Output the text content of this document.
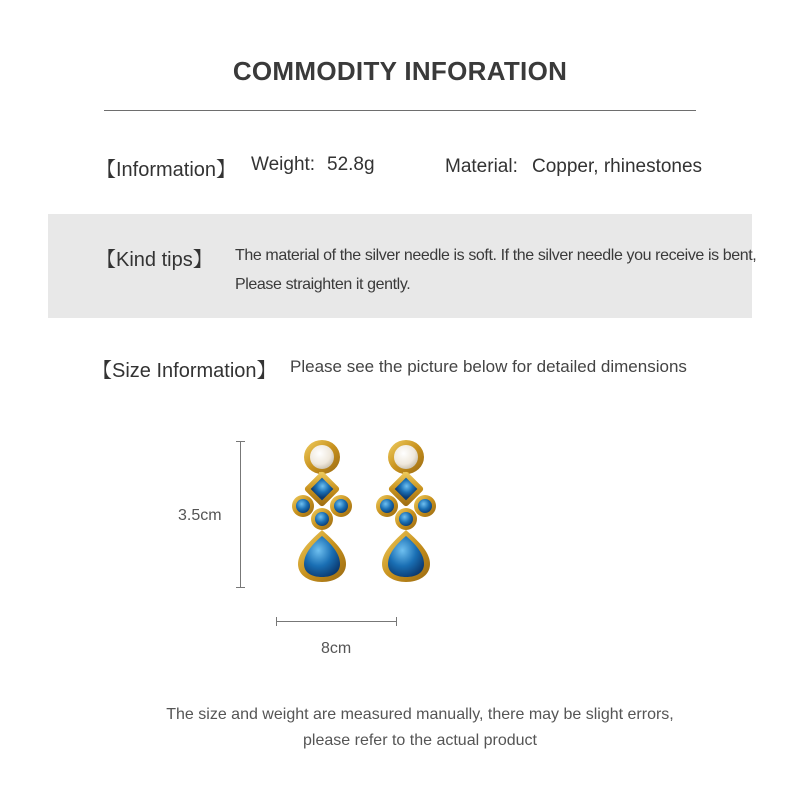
COMMODITY INFORATION
【Information】 Weight: 52.8g	Material: Copper, rhinestones
【Kind tips】 The material of the silver needle is soft. If the silver needle you receive is bent,
Please straighten it gently.
【Size Information】 Please see the picture below for detailed dimensions
3.5cm
8cm
The size and weight are measured manually, there may be slight errors,
please refer to the actual product
